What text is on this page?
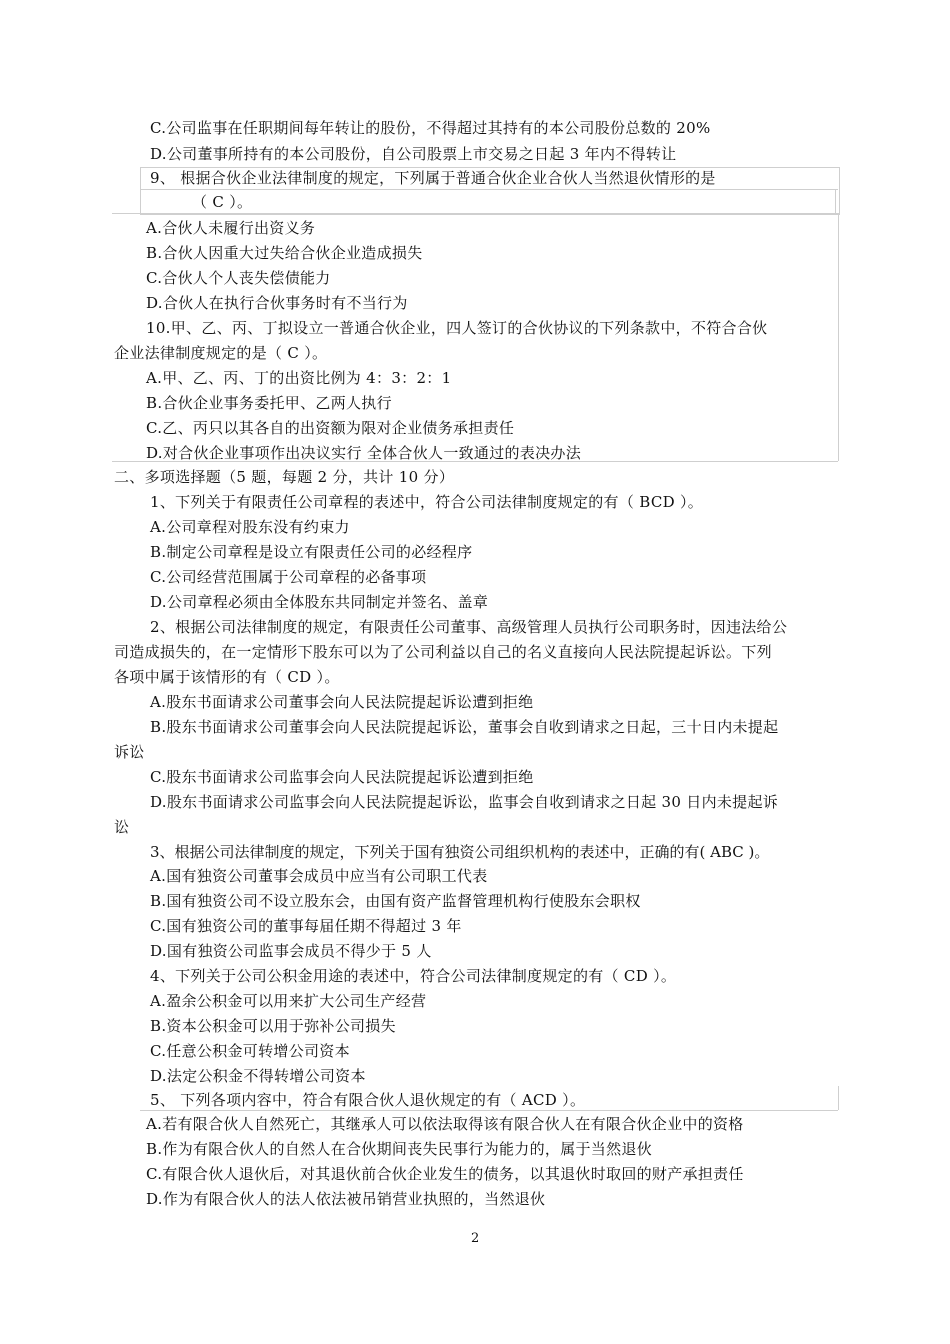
C.公司监事在任职期间每年转让的股份，不得超过其持有的本公司股份总数的 20%
D.公司董事所持有的本公司股份，自公司股票上市交易之日起 3 年内不得转让
9、 根据合伙企业法律制度的规定，下列属于普通合伙企业合伙人当然退伙情形的是
（ C ）。
A.合伙人未履行出资义务
B.合伙人因重大过失给合伙企业造成损失
C.合伙人个人丧失偿债能力
D.合伙人在执行合伙事务时有不当行为
10.甲、乙、丙、丁拟设立一普通合伙企业，四人签订的合伙协议的下列条款中，不符合合伙
企业法律制度规定的是（ C ）。
A.甲、乙、丙、丁的出资比例为 4：3：2：1
B.合伙企业事务委托甲、乙两人执行
C.乙、丙只以其各自的出资额为限对企业债务承担责任
D.对合伙企业事项作出决议实行 全体合伙人一致通过的表决办法
二、多项选择题（5 题，每题 2 分，共计 10 分）
1、下列关于有限责任公司章程的表述中，符合公司法律制度规定的有（ BCD ）。
A.公司章程对股东没有约束力
B.制定公司章程是设立有限责任公司的必经程序
C.公司经营范围属于公司章程的必备事项
D.公司章程必须由全体股东共同制定并签名、盖章
2、根据公司法律制度的规定，有限责任公司董事、高级管理人员执行公司职务时，因违法给公
司造成损失的，在一定情形下股东可以为了公司利益以自己的名义直接向人民法院提起诉讼。下列
各项中属于该情形的有（ CD ）。
A.股东书面请求公司董事会向人民法院提起诉讼遭到拒绝
B.股东书面请求公司董事会向人民法院提起诉讼，董事会自收到请求之日起，三十日内未提起
诉讼
C.股东书面请求公司监事会向人民法院提起诉讼遭到拒绝
D.股东书面请求公司监事会向人民法院提起诉讼，监事会自收到请求之日起 30 日内未提起诉
讼
3、根据公司法律制度的规定，下列关于国有独资公司组织机构的表述中，正确的有( ABC )。
A.国有独资公司董事会成员中应当有公司职工代表
B.国有独资公司不设立股东会，由国有资产监督管理机构行使股东会职权
C.国有独资公司的董事每届任期不得超过 3 年
D.国有独资公司监事会成员不得少于 5 人
4、下列关于公司公积金用途的表述中，符合公司法律制度规定的有（ CD ）。
A.盈余公积金可以用来扩大公司生产经营
B.资本公积金可以用于弥补公司损失
C.任意公积金可转增公司资本
D.法定公积金不得转增公司资本
5、 下列各项内容中，符合有限合伙人退伙规定的有（ ACD ）。
A.若有限合伙人自然死亡，其继承人可以依法取得该有限合伙人在有限合伙企业中的资格
B.作为有限合伙人的自然人在合伙期间丧失民事行为能力的，属于当然退伙
C.有限合伙人退伙后，对其退伙前合伙企业发生的债务，以其退伙时取回的财产承担责任
D.作为有限合伙人的法人依法被吊销营业执照的，当然退伙
2
